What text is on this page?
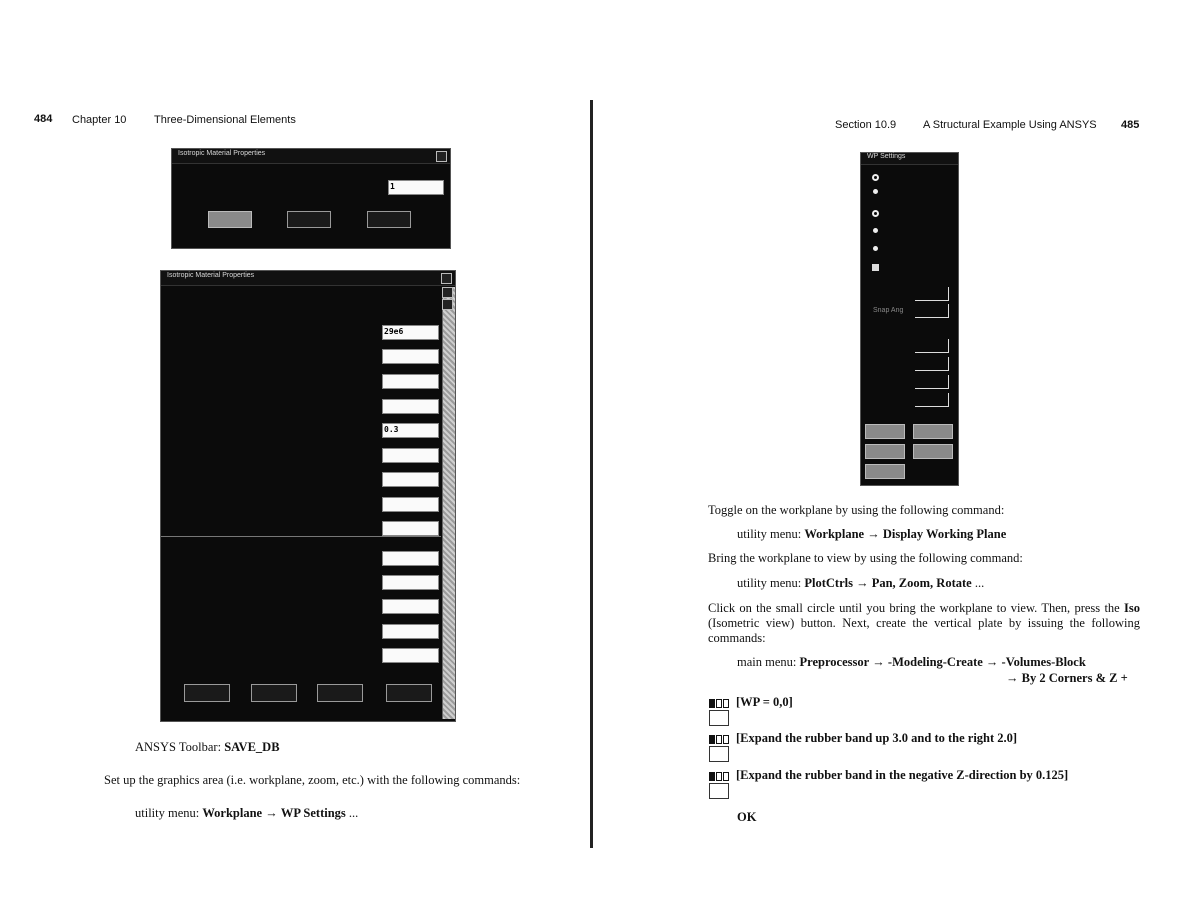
484 Chapter 10	Three-Dimensional Elements
Isotropic Material Properties
1
Isotropic Material Properties
29e6
0.3
ANSYS Toolbar: SAVE_DB
Set up the graphics area (i.e. workplane, zoom, etc.) with the following commands:
utility menu: Workplane → WP Settings ...
Section 10.9 A Structural Example Using ANSYS 485
WP Settings
Snap Ang
Toggle on the workplane by using the following command:
utility menu: Workplane → Display Working Plane
Bring the workplane to view by using the following command:
utility menu: PlotCtrls → Pan, Zoom, Rotate ...
Click on the small circle until you bring the workplane to view. Then, press the Iso (Isometric view) button. Next, create the vertical plate by issuing the following commands:
main menu: Preprocessor → -Modeling-Create → -Volumes-Block
→ By 2 Corners & Z +
[WP = 0,0]
[Expand the rubber band up 3.0 and to the right 2.0]
[Expand the rubber band in the negative Z-direction by 0.125]
OK
